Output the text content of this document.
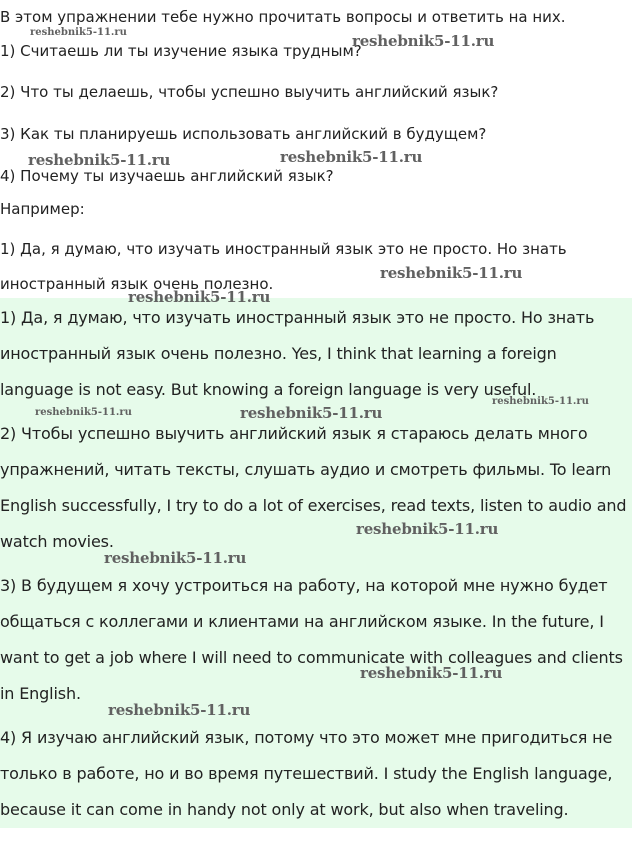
В этом упражнении тебе нужно прочитать вопросы и ответить на них.

1) Считаешь ли ты изучение языка трудным?

2) Что ты делаешь, чтобы успешно выучить английский язык?

3) Как ты планируешь использовать английский в будущем?

4) Почему ты изучаешь английский язык?

Например:

1) Да, я думаю, что изучать иностранный язык это не просто. Но знать

иностранный язык очень полезно.

1) Да, я думаю, что изучать иностранный язык это не просто. Но знать иностранный язык очень полезно. Yes, I think that learning a foreign language is not easy. But knowing a foreign language is very useful.

2) Чтобы успешно выучить английский язык я стараюсь делать много упражнений, читать тексты, слушать аудио и смотреть фильмы. To learn English successfully, I try to do a lot of exercises, read texts, listen to audio and watch movies.

3) В будущем я хочу устроиться на работу, на которой мне нужно будет общаться с коллегами и клиентами на английском языке. In the future, I want to get a job where I will need to communicate with colleagues and clients in English.

4) Я изучаю английский язык, потому что это может мне пригодиться не только в работе, но и во время путешествий. I study the English language, because it can come in handy not only at work, but also when traveling.

reshebnik5-11.ru	reshebnik5-11.ru
reshebnik5-11.ru	reshebnik5-11.ru
reshebnik5-11.ru
reshebnik5-11.ru
reshebnik5-11.ru	reshebnik5-11.ru
reshebnik5-11.ru
reshebnik5-11.ru
reshebnik5-11.ru
reshebnik5-11.ru
reshebnik5-11.ru
